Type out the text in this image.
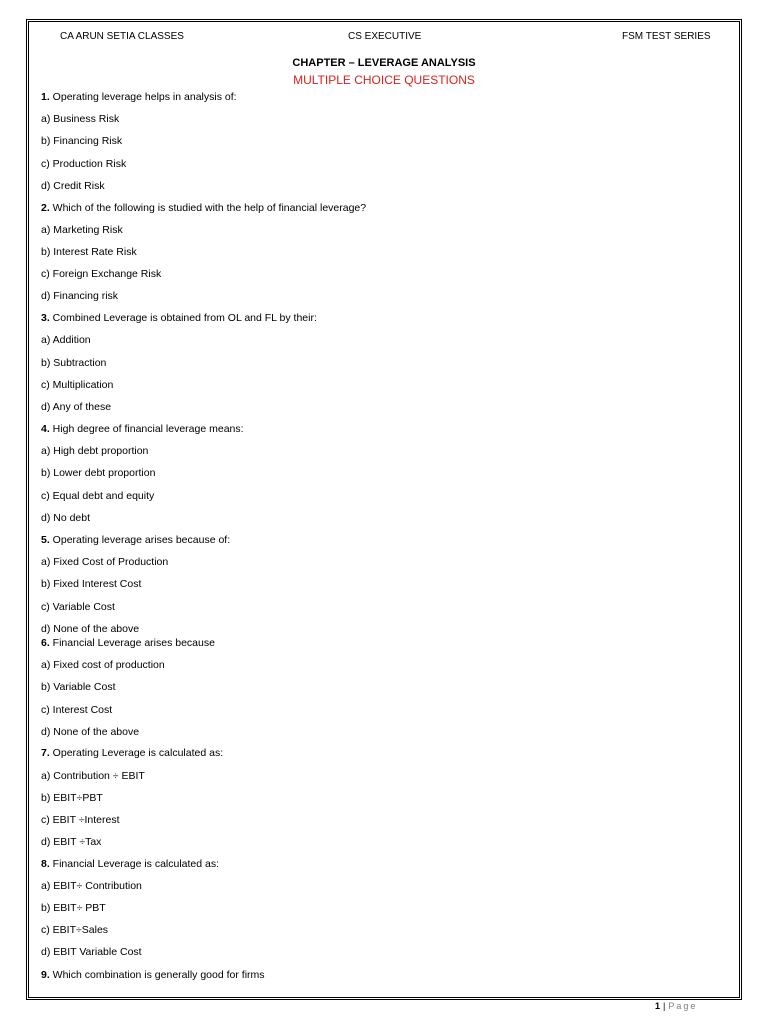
CA ARUN SETIA CLASSES	CS EXECUTIVE	FSM TEST SERIES
CHAPTER – LEVERAGE ANALYSIS
MULTIPLE CHOICE QUESTIONS
1. Operating leverage helps in analysis of:
a) Business Risk
b) Financing Risk
c) Production Risk
d) Credit Risk
2. Which of the following is studied with the help of financial leverage?
a) Marketing Risk
b) Interest Rate Risk
c) Foreign Exchange Risk
d) Financing risk
3. Combined Leverage is obtained from OL and FL by their:
a) Addition
b) Subtraction
c) Multiplication
d) Any of these
4. High degree of financial leverage means:
a) High debt proportion
b) Lower debt proportion
c) Equal debt and equity
d) No debt
5. Operating leverage arises because of:
a) Fixed Cost of Production
b) Fixed Interest Cost
c) Variable Cost
d) None of the above
6. Financial Leverage arises because
a) Fixed cost of production
b) Variable Cost
c) Interest Cost
d) None of the above
7. Operating Leverage is calculated as:
a) Contribution ÷ EBIT
b) EBIT÷PBT
c) EBIT ÷Interest
d) EBIT ÷Tax
8. Financial Leverage is calculated as:
a) EBIT÷ Contribution
b) EBIT÷ PBT
c) EBIT÷Sales
d) EBIT Variable Cost
9. Which combination is generally good for firms
1 | Page
